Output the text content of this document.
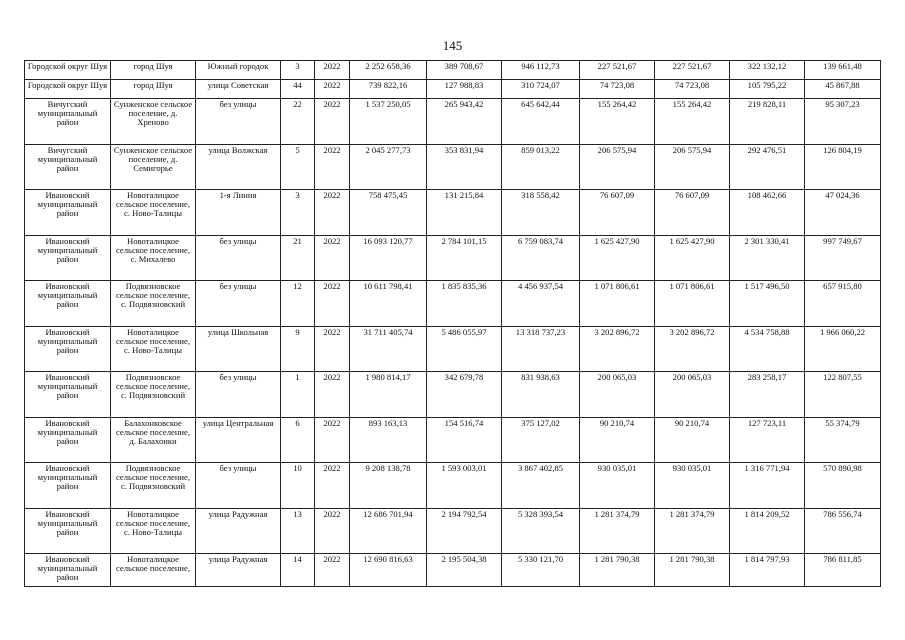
145
Городской округ Шуя	город Шуя	Южный городок	3	2022	2 252 658,36	389 708,67	946 112,73	227 521,67	227 521,67	322 132,12	139 661,48
Городской округ Шуя	город Шуя	улица Советская	44	2022	739 822,16	127 988,83	310 724,07	74 723,08	74 723,08	105 795,22	45 867,88
Вичугский муниципальный район	Сунженское сельское поселение, д. Хреново	без улицы	22	2022	1 537 250,05	265 943,42	645 642,44	155 264,42	155 264,42	219 828,11	95 307,23
Вичугский муниципальный район	Сунженское сельское поселение, д. Семигорье	улица Волжская	5	2022	2 045 277,73	353 831,94	859 013,22	206 575,94	206 575,94	292 476,51	126 804,19
Ивановский муниципальный район	Новоталицкое сельское поселение, с. Ново-Талицы	1-я Линия	3	2022	758 475,45	131 215,84	318 558,42	76 607,09	76 607,09	108 462,66	47 024,36
Ивановский муниципальный район	Новоталицкое сельское поселение, с. Михалево	без улицы	21	2022	16 093 120,77	2 784 101,15	6 759 083,74	1 625 427,90	1 625 427,90	2 301 330,41	997 749,67
Ивановский муниципальный район	Подвязновское сельское поселение, с. Подвязновский	без улицы	12	2022	10 611 798,41	1 835 835,36	4 456 937,54	1 071 806,61	1 071 806,61	1 517 496,50	657 915,80
Ивановский муниципальный район	Новоталицкое сельское поселение, с. Ново-Талицы	улица Школьная	9	2022	31 711 405,74	5 486 055,97	13 318 737,23	3 202 896,72	3 202 896,72	4 534 758,88	1 966 060,22
Ивановский муниципальный район	Подвязновское сельское поселение, с. Подвязновский	без улицы	1	2022	1 980 814,17	342 679,78	831 938,63	200 065,03	200 065,03	283 258,17	122 807,55
Ивановский муниципальный район	Балахонковское сельское поселение, д. Балахонки	улица Центральная	6	2022	893 163,13	154 516,74	375 127,02	90 210,74	90 210,74	127 723,11	55 374,79
Ивановский муниципальный район	Подвязновское сельское поселение, с. Подвязновский	без улицы	10	2022	9 208 138,78	1 593 003,01	3 867 402,85	930 035,01	930 035,01	1 316 771,94	570 890,98
Ивановский муниципальный район	Новоталицкое сельское поселение, с. Ново-Талицы	улица Радужная	13	2022	12 686 701,94	2 194 792,54	5 328 393,54	1 281 374,79	1 281 374,79	1 814 209,52	786 556,74
Ивановский муниципальный район	Новоталицкое сельское поселение,	улица Радужная	14	2022	12 690 816,63	2 195 504,38	5 330 121,70	1 281 790,38	1 281 790,38	1 814 797,93	786 811,85
